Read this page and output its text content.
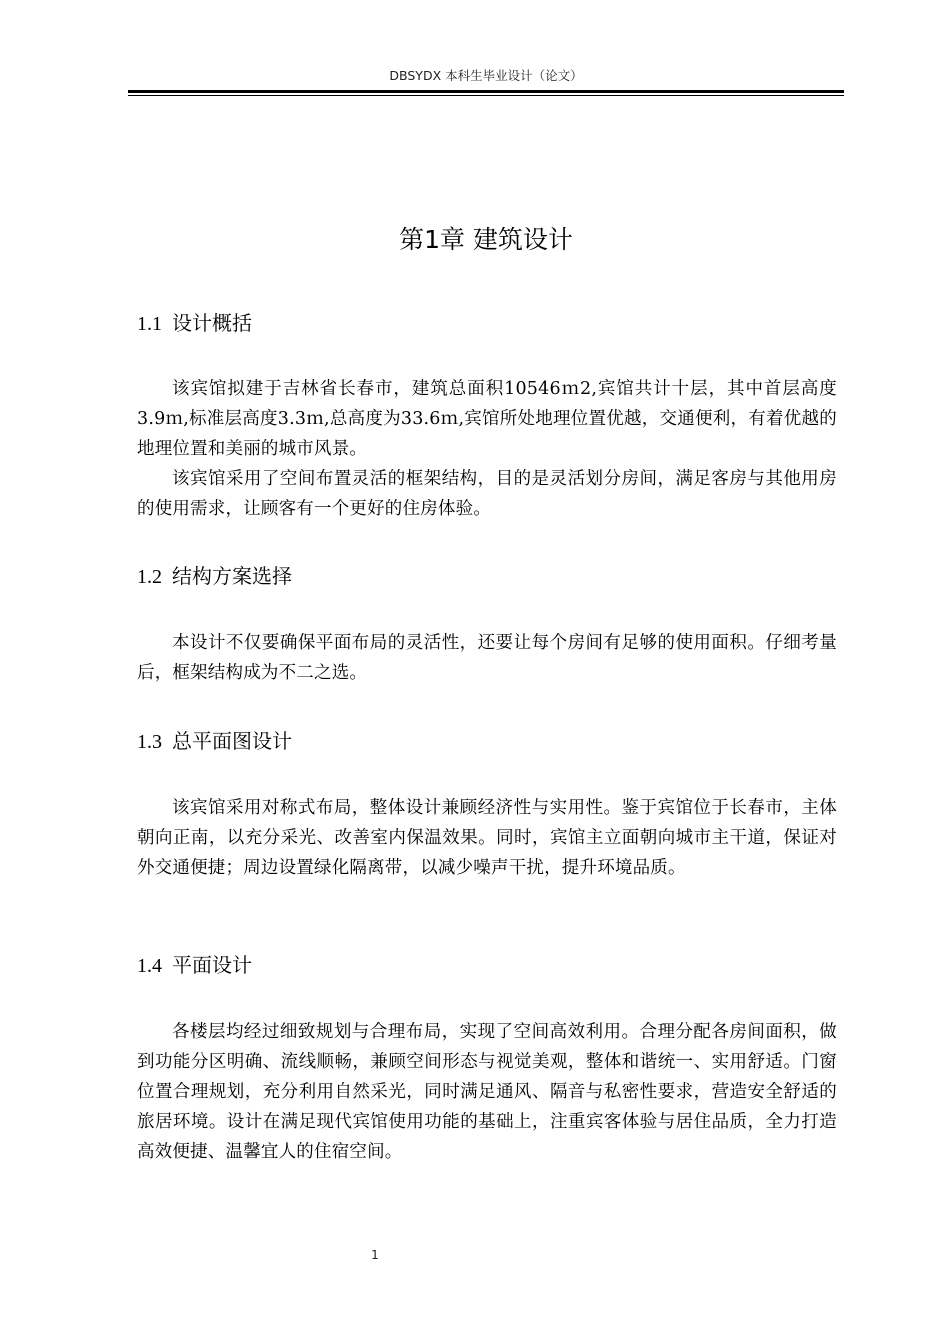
DBSYDX 本科生毕业设计（论文）
第1章 建筑设计
1.1 设计概括

该宾馆拟建于吉林省长春市，建筑总面积10546ｍ2,宾馆共计十层，其中首层高度3.9ｍ,标准层高度3.3ｍ,总高度为33.6ｍ,宾馆所处地理位置优越，交通便利，有着优越的地理位置和美丽的城市风景。

该宾馆采用了空间布置灵活的框架结构，目的是灵活划分房间，满足客房与其他用房的使用需求，让顾客有一个更好的住房体验。

1.2 结构方案选择

本设计不仅要确保平面布局的灵活性，还要让每个房间有足够的使用面积。仔细考量后，框架结构成为不二之选。

1.3 总平面图设计

该宾馆采用对称式布局，整体设计兼顾经济性与实用性。鉴于宾馆位于长春市，主体朝向正南，以充分采光、改善室内保温效果。同时，宾馆主立面朝向城市主干道，保证对外交通便捷；周边设置绿化隔离带，以减少噪声干扰，提升环境品质。

1.4 平面设计

各楼层均经过细致规划与合理布局，实现了空间高效利用。合理分配各房间面积，做到功能分区明确、流线顺畅，兼顾空间形态与视觉美观，整体和谐统一、实用舒适。门窗位置合理规划，充分利用自然采光，同时满足通风、隔音与私密性要求，营造安全舒适的旅居环境。设计在满足现代宾馆使用功能的基础上，注重宾客体验与居住品质，全力打造高效便捷、温馨宜人的住宿空间。

1
